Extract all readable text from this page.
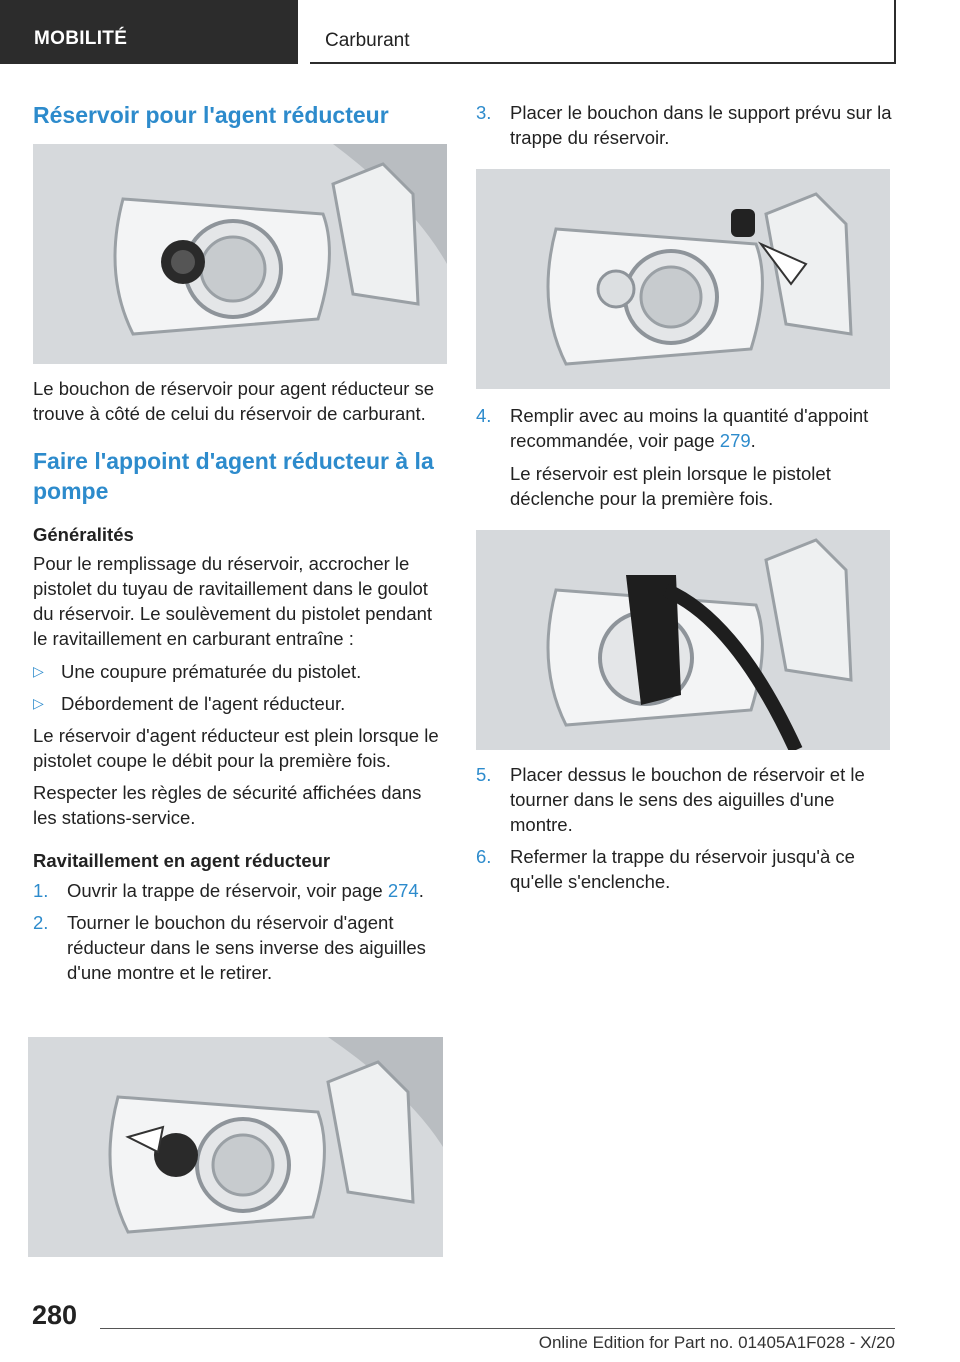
MOBILITÉ	Carburant
Réservoir pour l'agent réducteur

Le bouchon de réservoir pour agent réducteur se trouve à côté de celui du réservoir de carburant.

Faire l'appoint d'agent réducteur à la pompe
Généralités

Pour le remplissage du réservoir, accrocher le pistolet du tuyau de ravitaillement dans le goulot du réservoir. Le soulèvement du pistolet pendant le ravitaillement en carburant entraîne :

▷ Une coupure prématurée du pistolet.
▷ Débordement de l'agent réducteur.

Le réservoir d'agent réducteur est plein lorsque le pistolet coupe le débit pour la première fois.

Respecter les règles de sécurité affichées dans les stations-service.

Ravitaillement en agent réducteur
1.	Ouvrir la trappe de réservoir, voir page 274.
2.	Tourner le bouchon du réservoir d'agent réducteur dans le sens inverse des aiguilles d'une montre et le retirer.
3.	Placer le bouchon dans le support prévu sur la trappe du réservoir.
4.	Remplir avec au moins la quantité d'appoint recommandée, voir page 279.
Le réservoir est plein lorsque le pistolet déclenche pour la première fois.
5.	Placer dessus le bouchon de réservoir et le tourner dans le sens des aiguilles d'une montre.
6.	Refermer la trappe du réservoir jusqu'à ce qu'elle s'enclenche.
280
Online Edition for Part no. 01405A1F028 - X/20
